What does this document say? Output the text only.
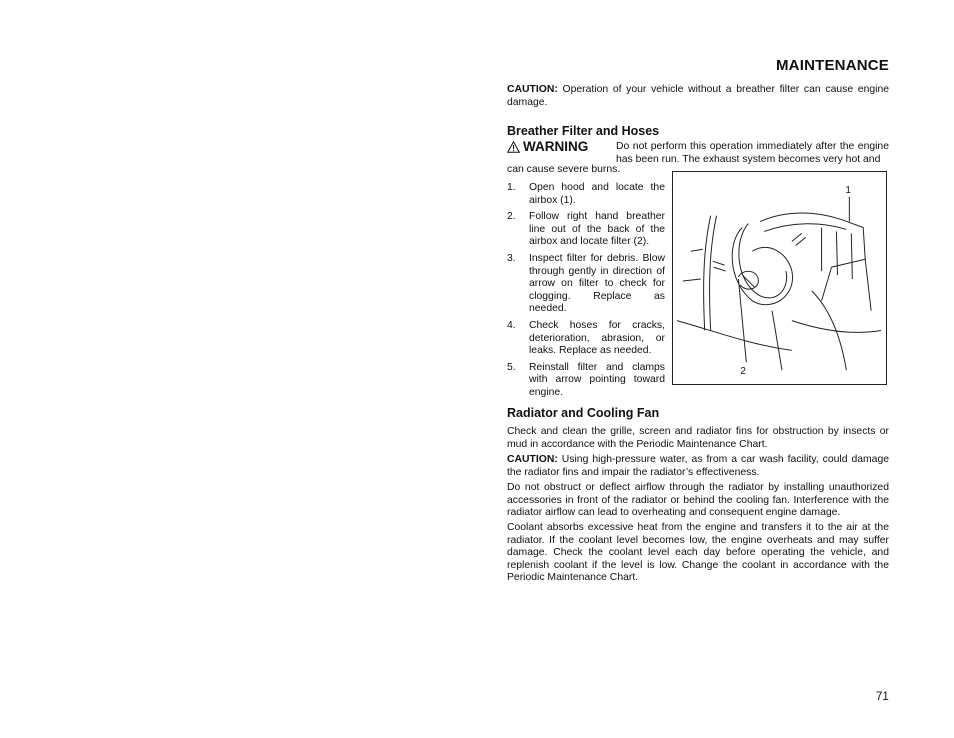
MAINTENANCE

CAUTION: Operation of your vehicle without a breather filter can cause engine damage.

Breather Filter and Hoses
WARNING	Do not perform this operation immediately after the engine has been run. The exhaust system becomes very hot and
can cause severe burns.
1.	Open hood and locate the airbox (1).
2.	Follow right hand breather line out of the back of the airbox and locate filter (2).
3.	Inspect filter for debris. Blow through gently in direction of arrow on filter to check for clogging. Replace as needed.
4.	Check hoses for cracks, deterioration, abrasion, or leaks. Replace as needed.
5.	Reinstall filter and clamps with arrow pointing toward engine.
1
2
Radiator and Cooling Fan

Check and clean the grille, screen and radiator fins for obstruction by insects or mud in accordance with the Periodic Maintenance Chart.

CAUTION: Using high-pressure water, as from a car wash facility, could damage the radiator fins and impair the radiator’s effectiveness.

Do not obstruct or deflect airflow through the radiator by installing unauthorized accessories in front of the radiator or behind the cooling fan. Interference with the radiator airflow can lead to overheating and consequent engine damage.

Coolant absorbs excessive heat from the engine and transfers it to the air at the radiator. If the coolant level becomes low, the engine overheats and may suffer damage. Check the coolant level each day before operating the vehicle, and replenish coolant if the level is low. Change the coolant in accordance with the Periodic Maintenance Chart.

71
